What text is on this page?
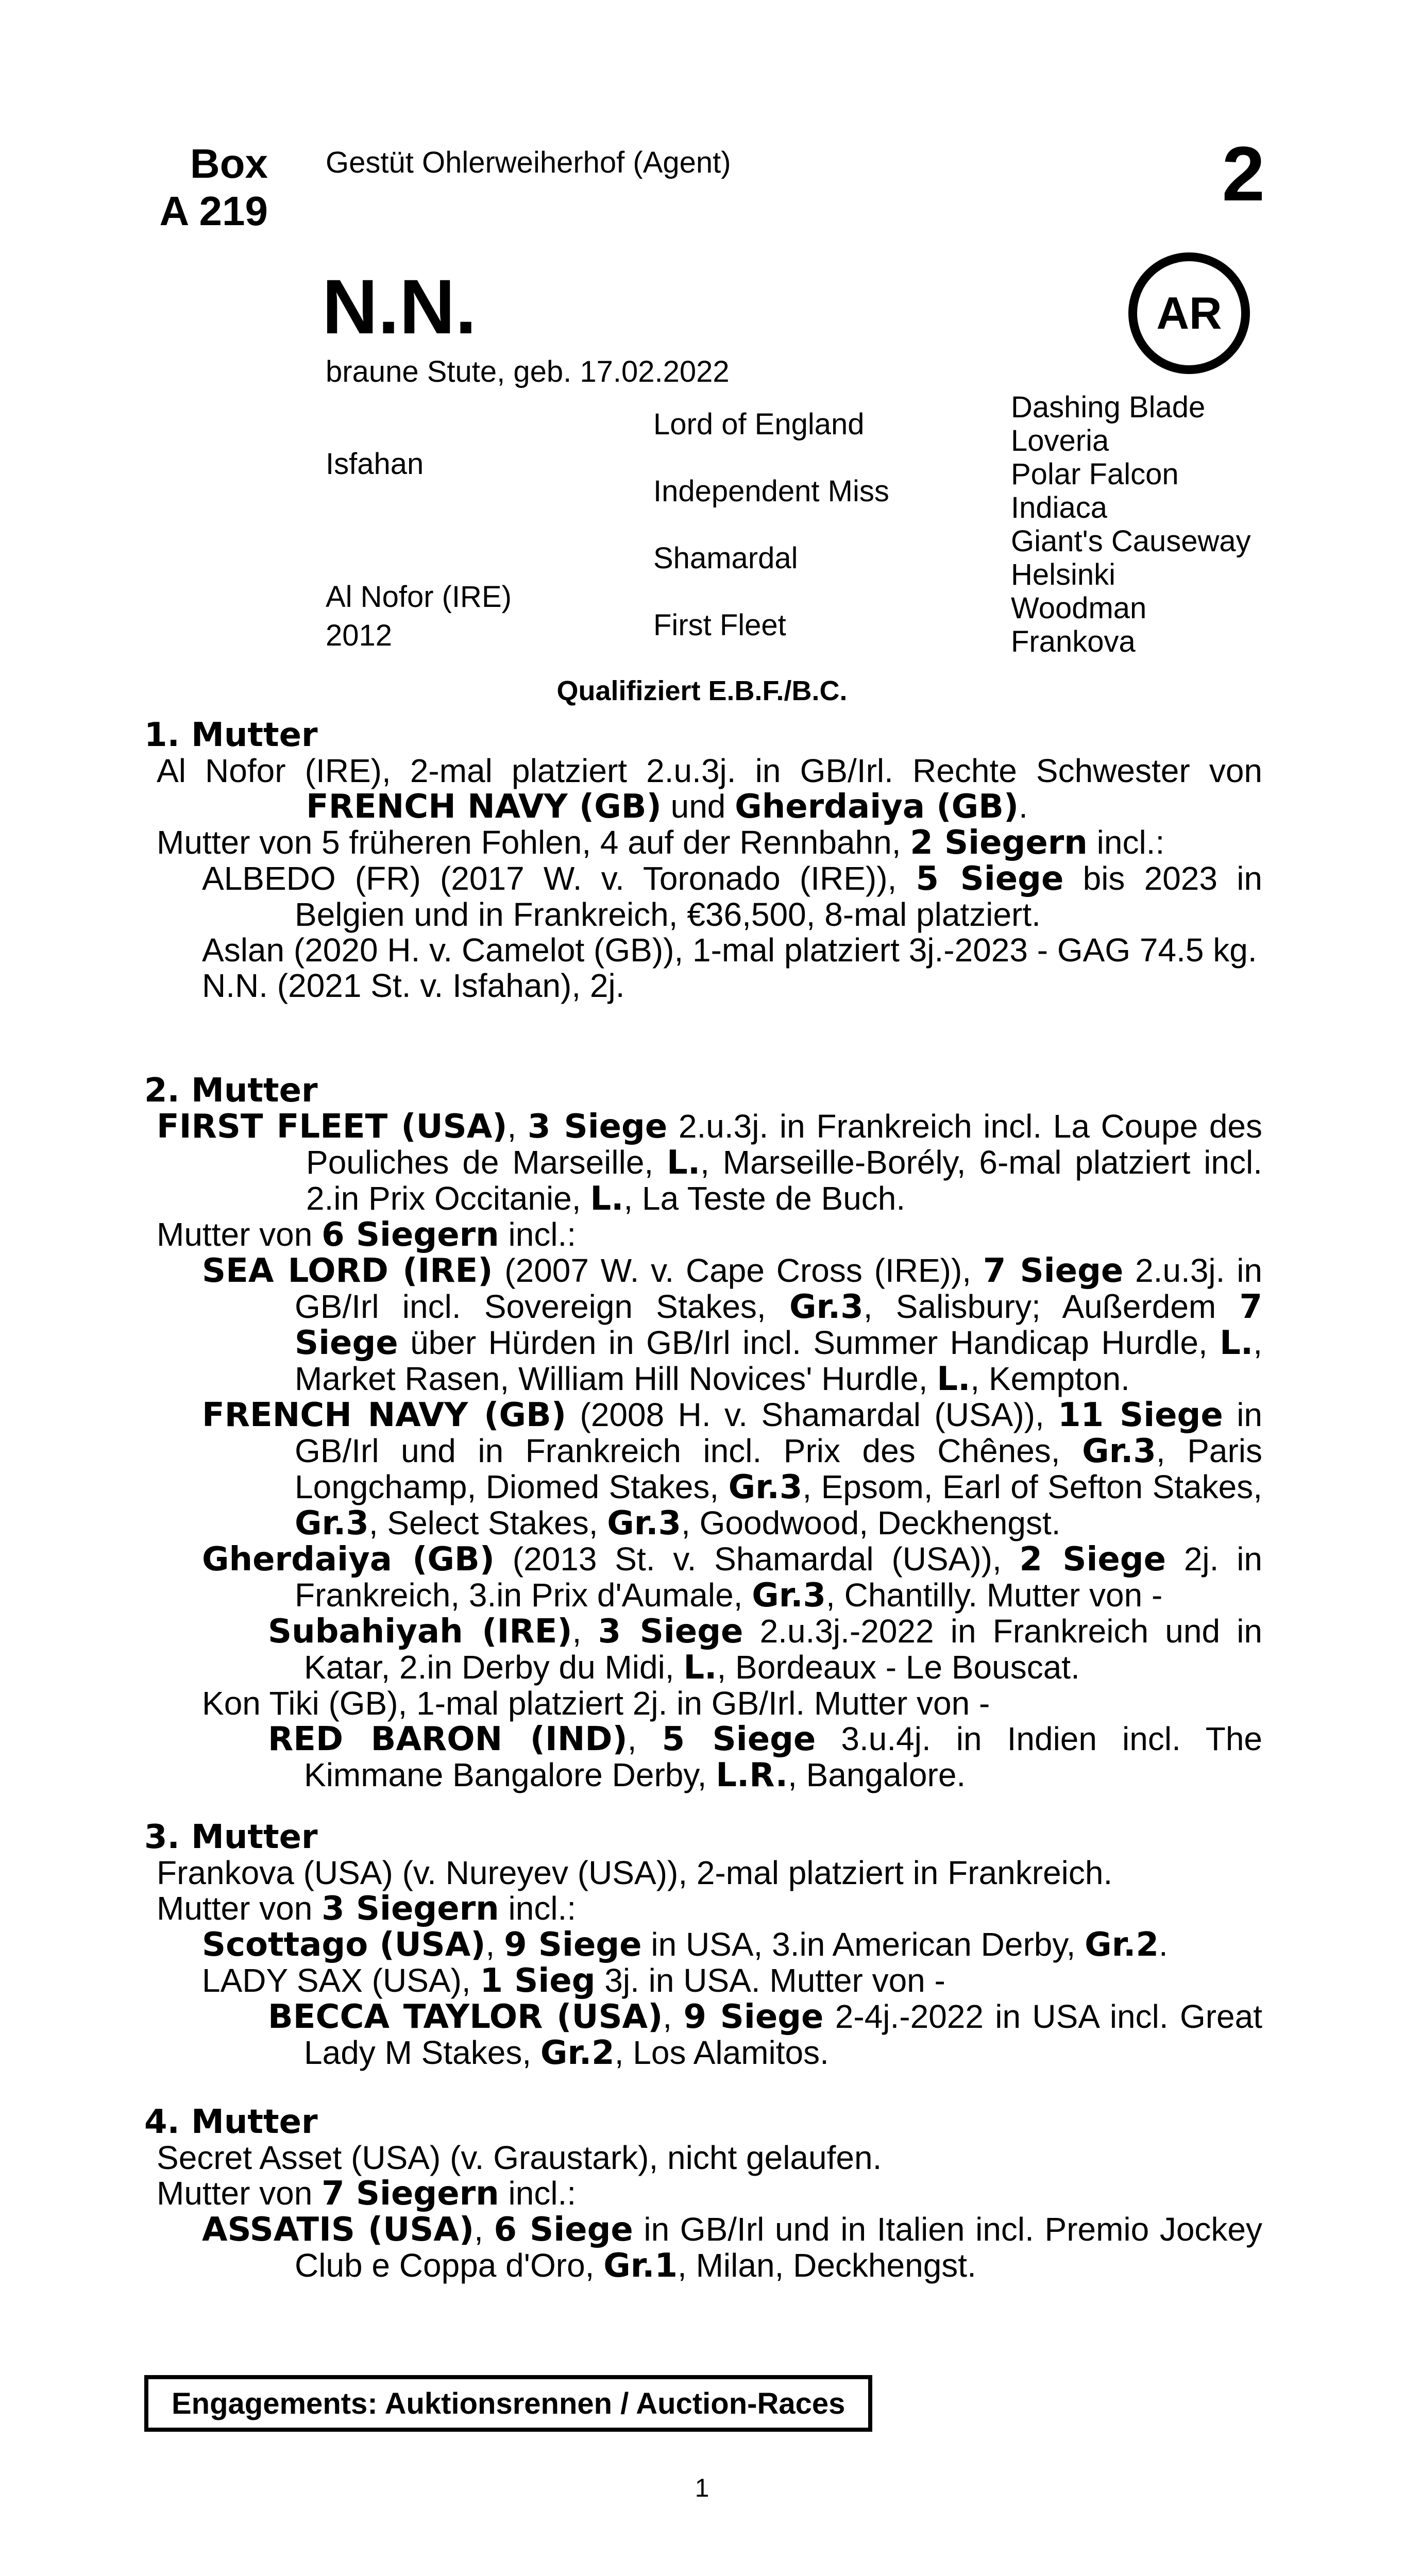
Box
A 219
Gestüt Ohlerweiherhof (Agent)	2
N.N.	AR
braune Stute, geb. 17.02.2022
Isfahan
Al Nofor (IRE)
2012
Lord of England
Independent Miss
Shamardal
First Fleet
Dashing Blade
Loveria
Polar Falcon
Indiaca
Giant's Causeway
Helsinki
Woodman
Frankova
Qualifiziert E.B.F./B.C.
1. Mutter
Al Nofor (IRE), 2-mal platziert 2.u.3j. in GB/Irl. Rechte Schwester von FRENCH NAVY (GB) und Gherdaiya (GB).
Mutter von 5 früheren Fohlen, 4 auf der Rennbahn, 2 Siegern incl.:
ALBEDO (FR) (2017 W. v. Toronado (IRE)), 5 Siege bis 2023 in Belgien und in Frankreich, €36,500, 8-mal platziert.
Aslan (2020 H. v. Camelot (GB)), 1-mal platziert 3j.-2023 - GAG 74.5 kg.
N.N. (2021 St. v. Isfahan), 2j.
2. Mutter
FIRST FLEET (USA), 3 Siege 2.u.3j. in Frankreich incl. La Coupe des Pouliches de Marseille, L., Marseille-Borély, 6-mal platziert incl. 2.in Prix Occitanie, L., La Teste de Buch.
Mutter von 6 Siegern incl.:
SEA LORD (IRE) (2007 W. v. Cape Cross (IRE)), 7 Siege 2.u.3j. in GB/Irl incl. Sovereign Stakes, Gr.3, Salisbury; Außerdem 7 Siege über Hürden in GB/Irl incl. Summer Handicap Hurdle, L., Market Rasen, William Hill Novices' Hurdle, L., Kempton.
FRENCH NAVY (GB) (2008 H. v. Shamardal (USA)), 11 Siege in GB/Irl und in Frankreich incl. Prix des Chênes, Gr.3, Paris Longchamp, Diomed Stakes, Gr.3, Epsom, Earl of Sefton Stakes, Gr.3, Select Stakes, Gr.3, Goodwood, Deckhengst.
Gherdaiya (GB) (2013 St. v. Shamardal (USA)), 2 Siege 2j. in Frankreich, 3.in Prix d'Aumale, Gr.3, Chantilly. Mutter von -
Subahiyah (IRE), 3 Siege 2.u.3j.-2022 in Frankreich und in Katar, 2.in Derby du Midi, L., Bordeaux - Le Bouscat.
Kon Tiki (GB), 1-mal platziert 2j. in GB/Irl. Mutter von -
RED BARON (IND), 5 Siege 3.u.4j. in Indien incl. The Kimmane Bangalore Derby, L.R., Bangalore.
3. Mutter
Frankova (USA) (v. Nureyev (USA)), 2-mal platziert in Frankreich.
Mutter von 3 Siegern incl.:
Scottago (USA), 9 Siege in USA, 3.in American Derby, Gr.2.
LADY SAX (USA), 1 Sieg 3j. in USA. Mutter von -
BECCA TAYLOR (USA), 9 Siege 2-4j.-2022 in USA incl. Great Lady M Stakes, Gr.2, Los Alamitos.
4. Mutter
Secret Asset (USA) (v. Graustark), nicht gelaufen.
Mutter von 7 Siegern incl.:
ASSATIS (USA), 6 Siege in GB/Irl und in Italien incl. Premio Jockey Club e Coppa d'Oro, Gr.1, Milan, Deckhengst.
Engagements: Auktionsrennen / Auction-Races
1
